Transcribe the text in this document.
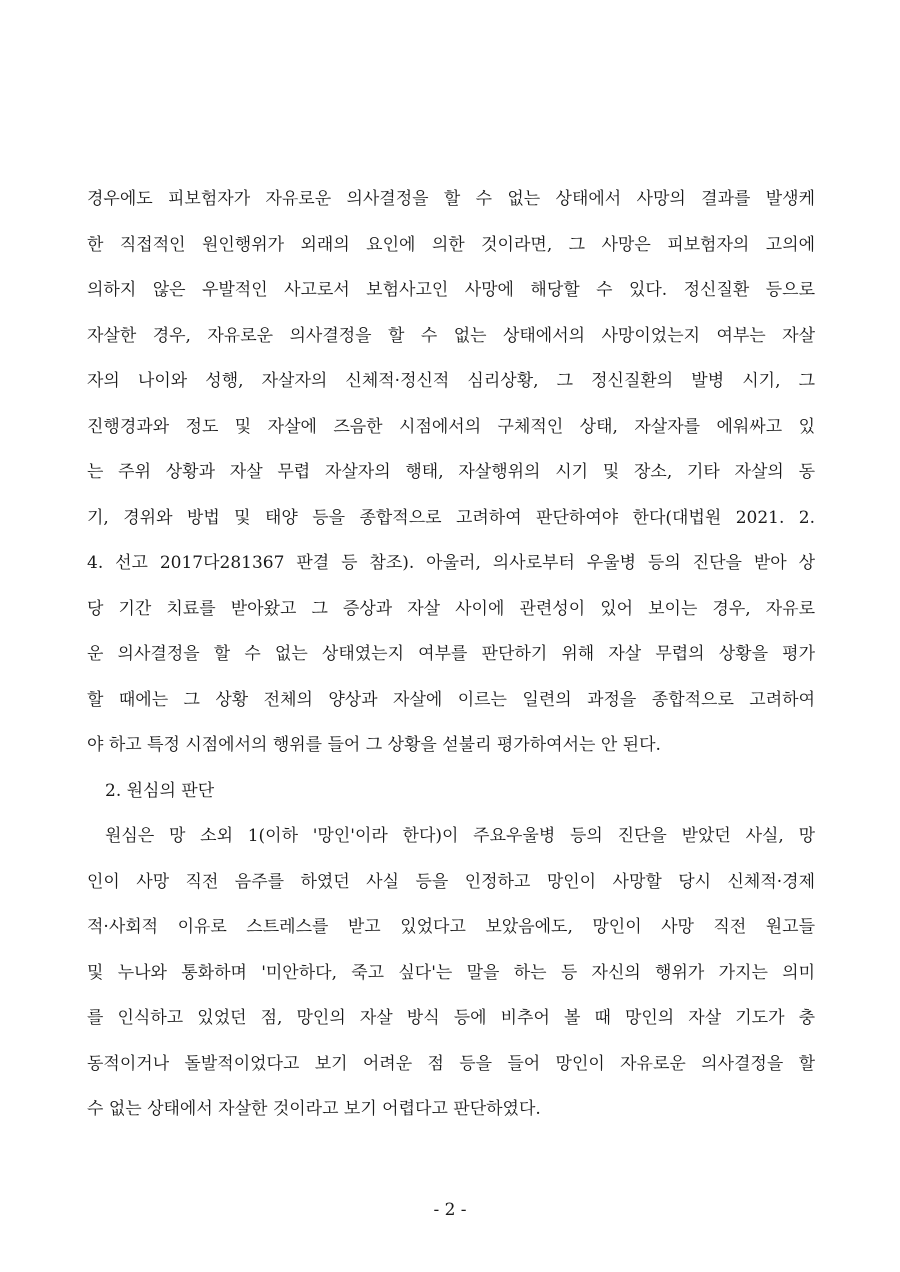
경우에도 피보험자가 자유로운 의사결정을 할 수 없는 상태에서 사망의 결과를 발생케
한 직접적인 원인행위가 외래의 요인에 의한 것이라면, 그 사망은 피보험자의 고의에
의하지 않은 우발적인 사고로서 보험사고인 사망에 해당할 수 있다. 정신질환 등으로
자살한 경우, 자유로운 의사결정을 할 수 없는 상태에서의 사망이었는지 여부는 자살
자의 나이와 성행, 자살자의 신체적·정신적 심리상황, 그 정신질환의 발병 시기, 그
진행경과와 정도 및 자살에 즈음한 시점에서의 구체적인 상태, 자살자를 에워싸고 있
는 주위 상황과 자살 무렵 자살자의 행태, 자살행위의 시기 및 장소, 기타 자살의 동
기, 경위와 방법 및 태양 등을 종합적으로 고려하여 판단하여야 한다(대법원 2021. 2.
4. 선고 2017다281367 판결 등 참조). 아울러, 의사로부터 우울병 등의 진단을 받아 상
당 기간 치료를 받아왔고 그 증상과 자살 사이에 관련성이 있어 보이는 경우, 자유로
운 의사결정을 할 수 없는 상태였는지 여부를 판단하기 위해 자살 무렵의 상황을 평가
할 때에는 그 상황 전체의 양상과 자살에 이르는 일련의 과정을 종합적으로 고려하여
야 하고 특정 시점에서의 행위를 들어 그 상황을 섣불리 평가하여서는 안 된다.
2. 원심의 판단
원심은 망 소외 1(이하 '망인'이라 한다)이 주요우울병 등의 진단을 받았던 사실, 망
인이 사망 직전 음주를 하였던 사실 등을 인정하고 망인이 사망할 당시 신체적·경제
적·사회적 이유로 스트레스를 받고 있었다고 보았음에도, 망인이 사망 직전 원고들
및 누나와 통화하며 '미안하다, 죽고 싶다'는 말을 하는 등 자신의 행위가 가지는 의미
를 인식하고 있었던 점, 망인의 자살 방식 등에 비추어 볼 때 망인의 자살 기도가 충
동적이거나 돌발적이었다고 보기 어려운 점 등을 들어 망인이 자유로운 의사결정을 할
수 없는 상태에서 자살한 것이라고 보기 어렵다고 판단하였다.
- 2 -
